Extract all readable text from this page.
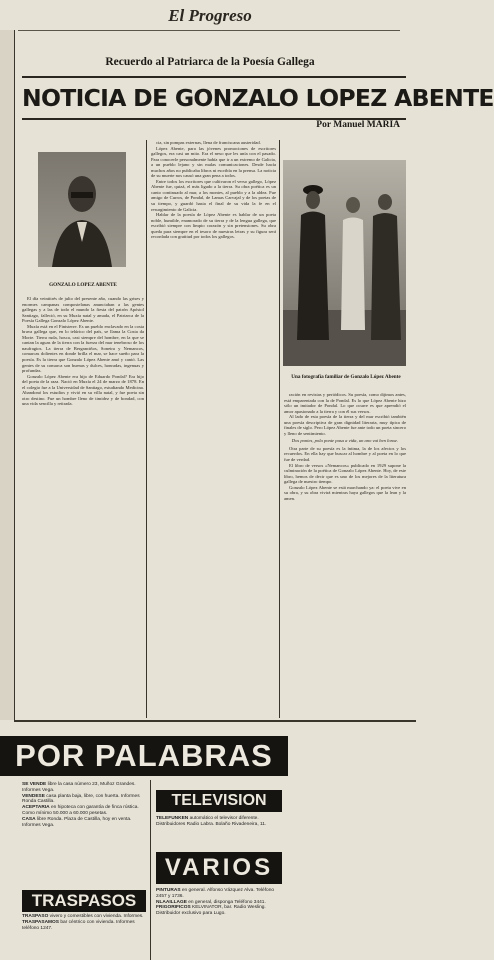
El Progreso
Recuerdo al Patriarca de la Poesía Gallega
NOTICIA DE GONZALO LOPEZ ABENTE
Por Manuel MARIA
GONZALO LOPEZ ABENTE

El día veintitrés de julio del presente año, cuando las grises y enormes campanas compostelanas anunciaban a las gentes gallegas y a las de todo el mundo la fiesta del patrón Apóstol Santiago, falleció, en su Muxía natal y amada, el Patriarca de la Poesía Gallega Gonzalo López Abente.

Muxía está en el Finisterre. Es un pueblo enclavado en la costa brava gallega que, en lo telúrico del país, se llama la Costa da Morte. Tierra ruda, hosca, casi siempre del hombre, en la que se cantan la aguas de la tierra con la fuerza del mar tenebroso de los naufragios. La tierra de Berganciños, Soneira y Nemancos, comarcas dolientes en donde brilla el mar, se hace sueño para la poesía. Es la tierra que Gonzalo López Abente amó y cantó. Las gentes de su comarca son buenas y dulces, honradas, ingenuas y profundas.

Gonzalo López Abente era hijo de Eduardo Pondal? Era hijo del poeta de la raza. Nació en Muxía el 24 de marzo de 1878. En el colegio fue a la Universidad de Santiago, estudiando Medicina. Abandonó los estudios y vivió en su villa natal, y fue poeta sin otro destino. Fue un hombre lleno de timidez y de bondad, con una vida sencilla y retirada.

cia, sin pompas externas, llena de franciscana austeridad.

López Abente, para las jóvenes promociones de escritores gallegos, era casi un mito. Era el nexo que les unía con el pasado. Para conocerle personalmente había que ir a un extremo de Galicia, a un pueblo lejano y sin malas comunicaciones. Desde hacía muchos años no publicaba libros ni escribía en la prensa. La noticia de su muerte nos causó una gran pena a todos.

Entre todos los escritores que cultivaron el verso gallego, López Abente fue, quizá, el más ligado a la tierra. Su obra poética es un canto continuado al mar, a los montes, al pueblo y a la aldea. Fue amigo de Curros, de Pondal, de Lamas Carvajal y de los poetas de su tiempo, y guardó hasta el final de su vida la fe en el resurgimiento de Galicia.

Hablar de la poesía de López Abente es hablar de un poeta noble, humilde, enamorado de su tierra y de la lengua gallega, que escribió siempre con limpio corazón y sin pretensiones. Su obra queda para siempre en el tesoro de nuestras letras y su figura será recordada con gratitud por todos los gallegos.

Una fotografía familiar de Gonzalo López Abente

ración en revistas y periódicos. Su poesía, como dijimos antes, está emparentada con la de Pondal. Es lo que López Abente hizo sólo un imitador de Pondal. Lo que ocurre es que aprendió el amor apasionado a la tierra y con él sus versos.

Al lado de esta poesía de la tierra y del mar escribió también una poesía descriptiva de gran dignidad literaria, muy típica de finales de siglo. Pero López Abente fue ante todo un poeta sincero y lleno de sentimiento.

Dos pontes, pola ponte pasa a vida, un ano vai ben lonxe.

Otra parte de su poesía es la íntima, la de los afectos y los recuerdos. En ella hay que buscar al hombre y al poeta en lo que fue de verdad.

El libro de versos «Nemancos» publicado en 1929 supone la culminación de la poética de Gonzalo López Abente. Hoy, de este libro, hemos de decir que es uno de los mejores de la literatura gallega de nuestro tiempo.

Gonzalo López Abente se está marchando ya: el poeta vive en su obra, y su obra vivirá mientras haya gallegos que la lean y la amen.

POR PALABRAS
SE VENDE libre la casa número 23, Muñoz Grandes. Informes Vega.
VENDESE casa planta baja, libre, con huerta. Informes Ronda Castilla.
ACEPTARIA en hipoteca con garantía de finca rústica. Como mínimo 50.000 a 60.000 pesetas.
CASA libre Ronda. Plaza de Castilla, hoy en venta. Informes Vega.
TRASPASOS
TRASPASO vivero y comestibles con vivienda. Informes.
TRASPASAMOS bar céntrico con vivienda. Informes teléfono 1247.
TELEVISION
TELEFUNKEN automático el televisor diferente. Distribuidores Radio Labra. Bolaño Rivadeneira, 11.
VARIOS
PINTURAS en general. Alfonso Vázquez Alva. Teléfono 2457 y 1736.
NLAAILLAGE en general, disponga Teléfono 3441.
FRIGORIFICOS KELVINATOR, bar. Radio Wesling. Distribuidor exclusivo para Lugo.
